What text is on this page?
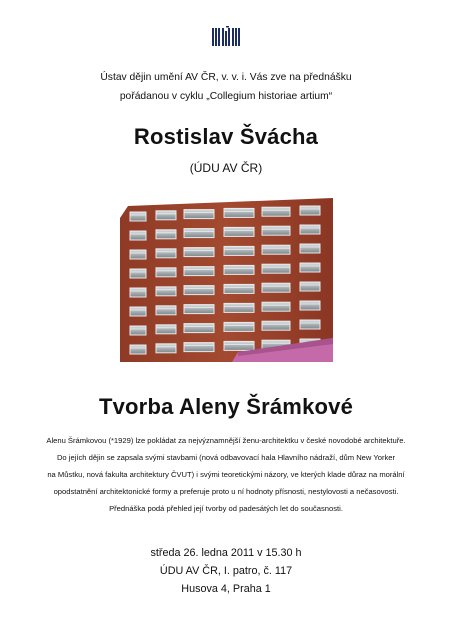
Ústav dějin umění AV ČR, v. v. i. Vás zve na přednášku
pořádanou v cyklu „Collegium historiae artium“
Rostislav Švácha
(ÚDU AV ČR)
Tvorba Aleny Šrámkové
Alenu Šrámkovou (*1929) lze pokládat za nejvýznamnější ženu-architektku v české novodobé architektuře.
Do jejích dějin se zapsala svými stavbami (nová odbavovací hala Hlavního nádraží, dům New Yorker
na Můstku, nová fakulta architektury ČVUT) i svými teoretickými názory, ve kterých klade důraz na morální
opodstatnění architektonické formy a preferuje proto u ní hodnoty přísnosti, nestylovosti a nečasovosti.
Přednáška podá přehled její tvorby od padesátých let do současnosti.
středa 26. ledna 2011 v 15.30 h
ÚDU AV ČR, I. patro, č. 117
Husova 4, Praha 1
